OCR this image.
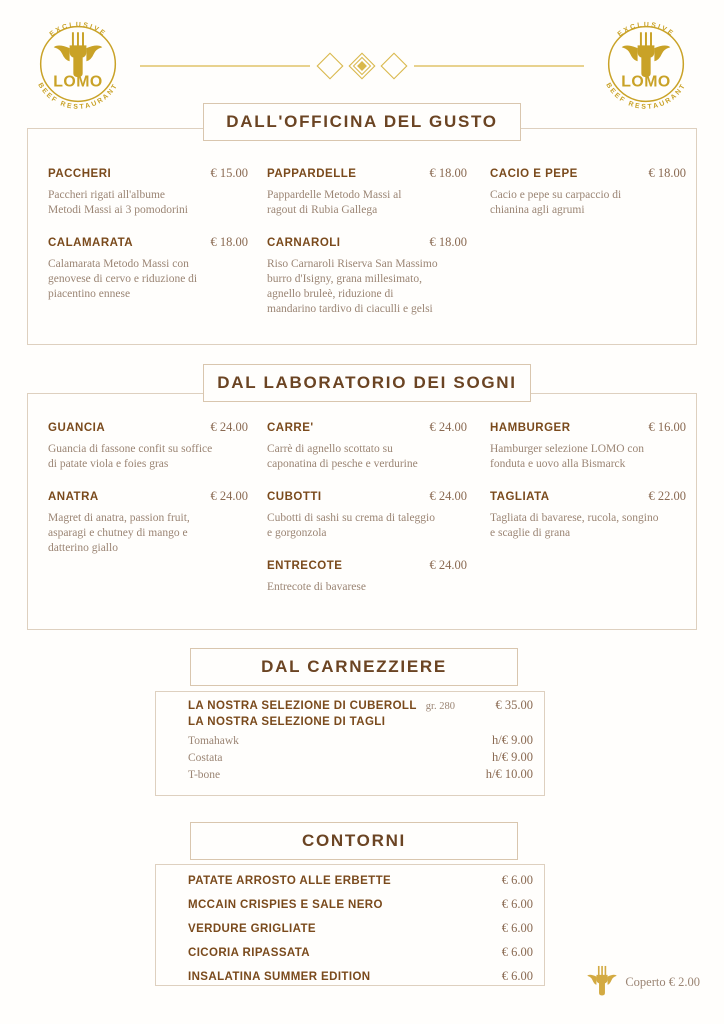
LOMO
EXCLUSIVE
BEEF RESTAURANT	LOMO
EXCLUSIVE
BEEF RESTAURANT
DALL'OFFICINA DEL GUSTO
PACCHERI	€ 15.00
Paccheri rigati all'albume
Metodi Massi ai 3 pomodorini
CALAMARATA	€ 18.00
Calamarata Metodo Massi con
genovese di cervo e riduzione di
piacentino ennese
PAPPARDELLE	€ 18.00
Pappardelle Metodo Massi al
ragout di Rubia Gallega
CARNAROLI	€ 18.00
Riso Carnaroli Riserva San Massimo
burro d'Isigny, grana millesimato,
agnello bruleè, riduzione di
mandarino tardivo di ciaculli e gelsi
CACIO E PEPE	€ 18.00
Cacio e pepe su carpaccio di
chianina agli agrumi
DAL LABORATORIO DEI SOGNI
GUANCIA	€ 24.00
Guancia di fassone confit su soffice
di patate viola e foies gras
ANATRA	€ 24.00
Magret di anatra, passion fruit,
asparagi e chutney di mango e
datterino giallo
CARRE'	€ 24.00
Carrè di agnello scottato su
caponatina di pesche e verdurine
CUBOTTI	€ 24.00
Cubotti di sashi su crema di taleggio
e gorgonzola
ENTRECOTE	€ 24.00
Entrecote di bavarese
HAMBURGER	€ 16.00
Hamburger selezione LOMO con
fonduta e uovo alla Bismarck
TAGLIATA	€ 22.00
Tagliata di bavarese, rucola, songino
e scaglie di grana
DAL CARNEZZIERE
LA NOSTRA SELEZIONE DI CUBEROLL gr. 280	€ 35.00
LA NOSTRA SELEZIONE DI TAGLI
Tomahawk	h/€ 9.00
Costata	h/€ 9.00
T-bone	h/€ 10.00
CONTORNI
PATATE ARROSTO ALLE ERBETTE	€ 6.00
MCCAIN CRISPIES E SALE NERO	€ 6.00
VERDURE GRIGLIATE	€ 6.00
CICORIA RIPASSATA	€ 6.00
INSALATINA SUMMER EDITION	€ 6.00	Coperto € 2.00
